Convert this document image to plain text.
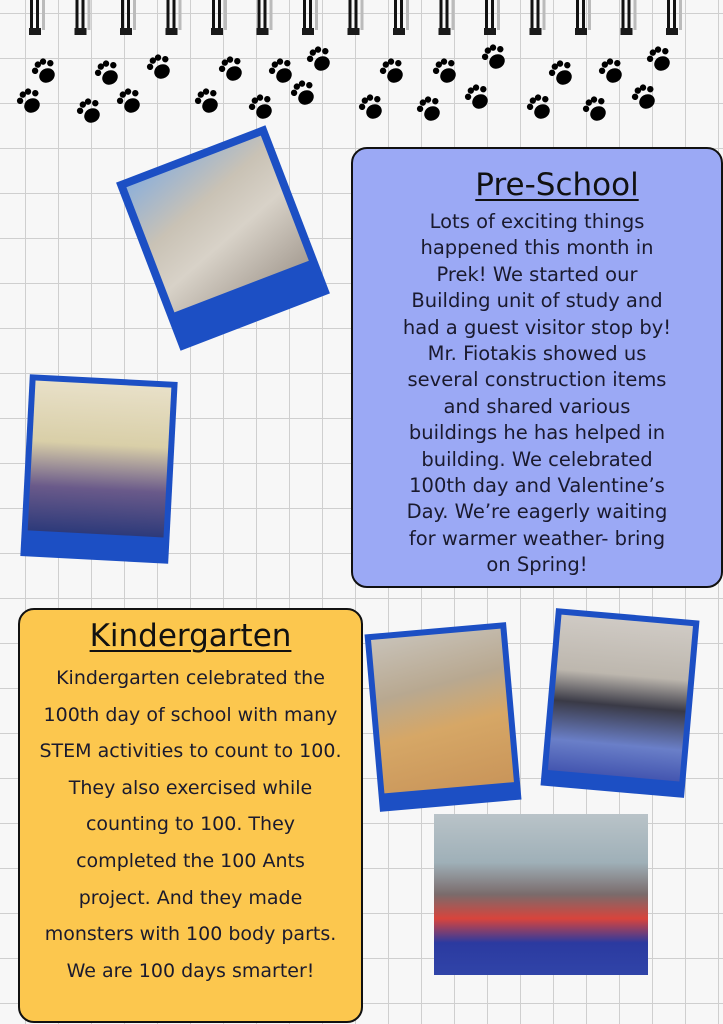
Pre-School
Lots of exciting things
happened this month in
Prek! We started our
Building unit of study and
had a guest visitor stop by!
Mr. Fiotakis showed us
several construction items
and shared various
buildings he has helped in
building. We celebrated
100th day and Valentine’s
Day. We’re eagerly waiting
for warmer weather- bring
on Spring!
Kindergarten
Kindergarten celebrated the
100th day of school with many
STEM activities to count to 100.
They also exercised while
counting to 100. They
completed the 100 Ants
project. And they made
monsters with 100 body parts.
We are 100 days smarter!
